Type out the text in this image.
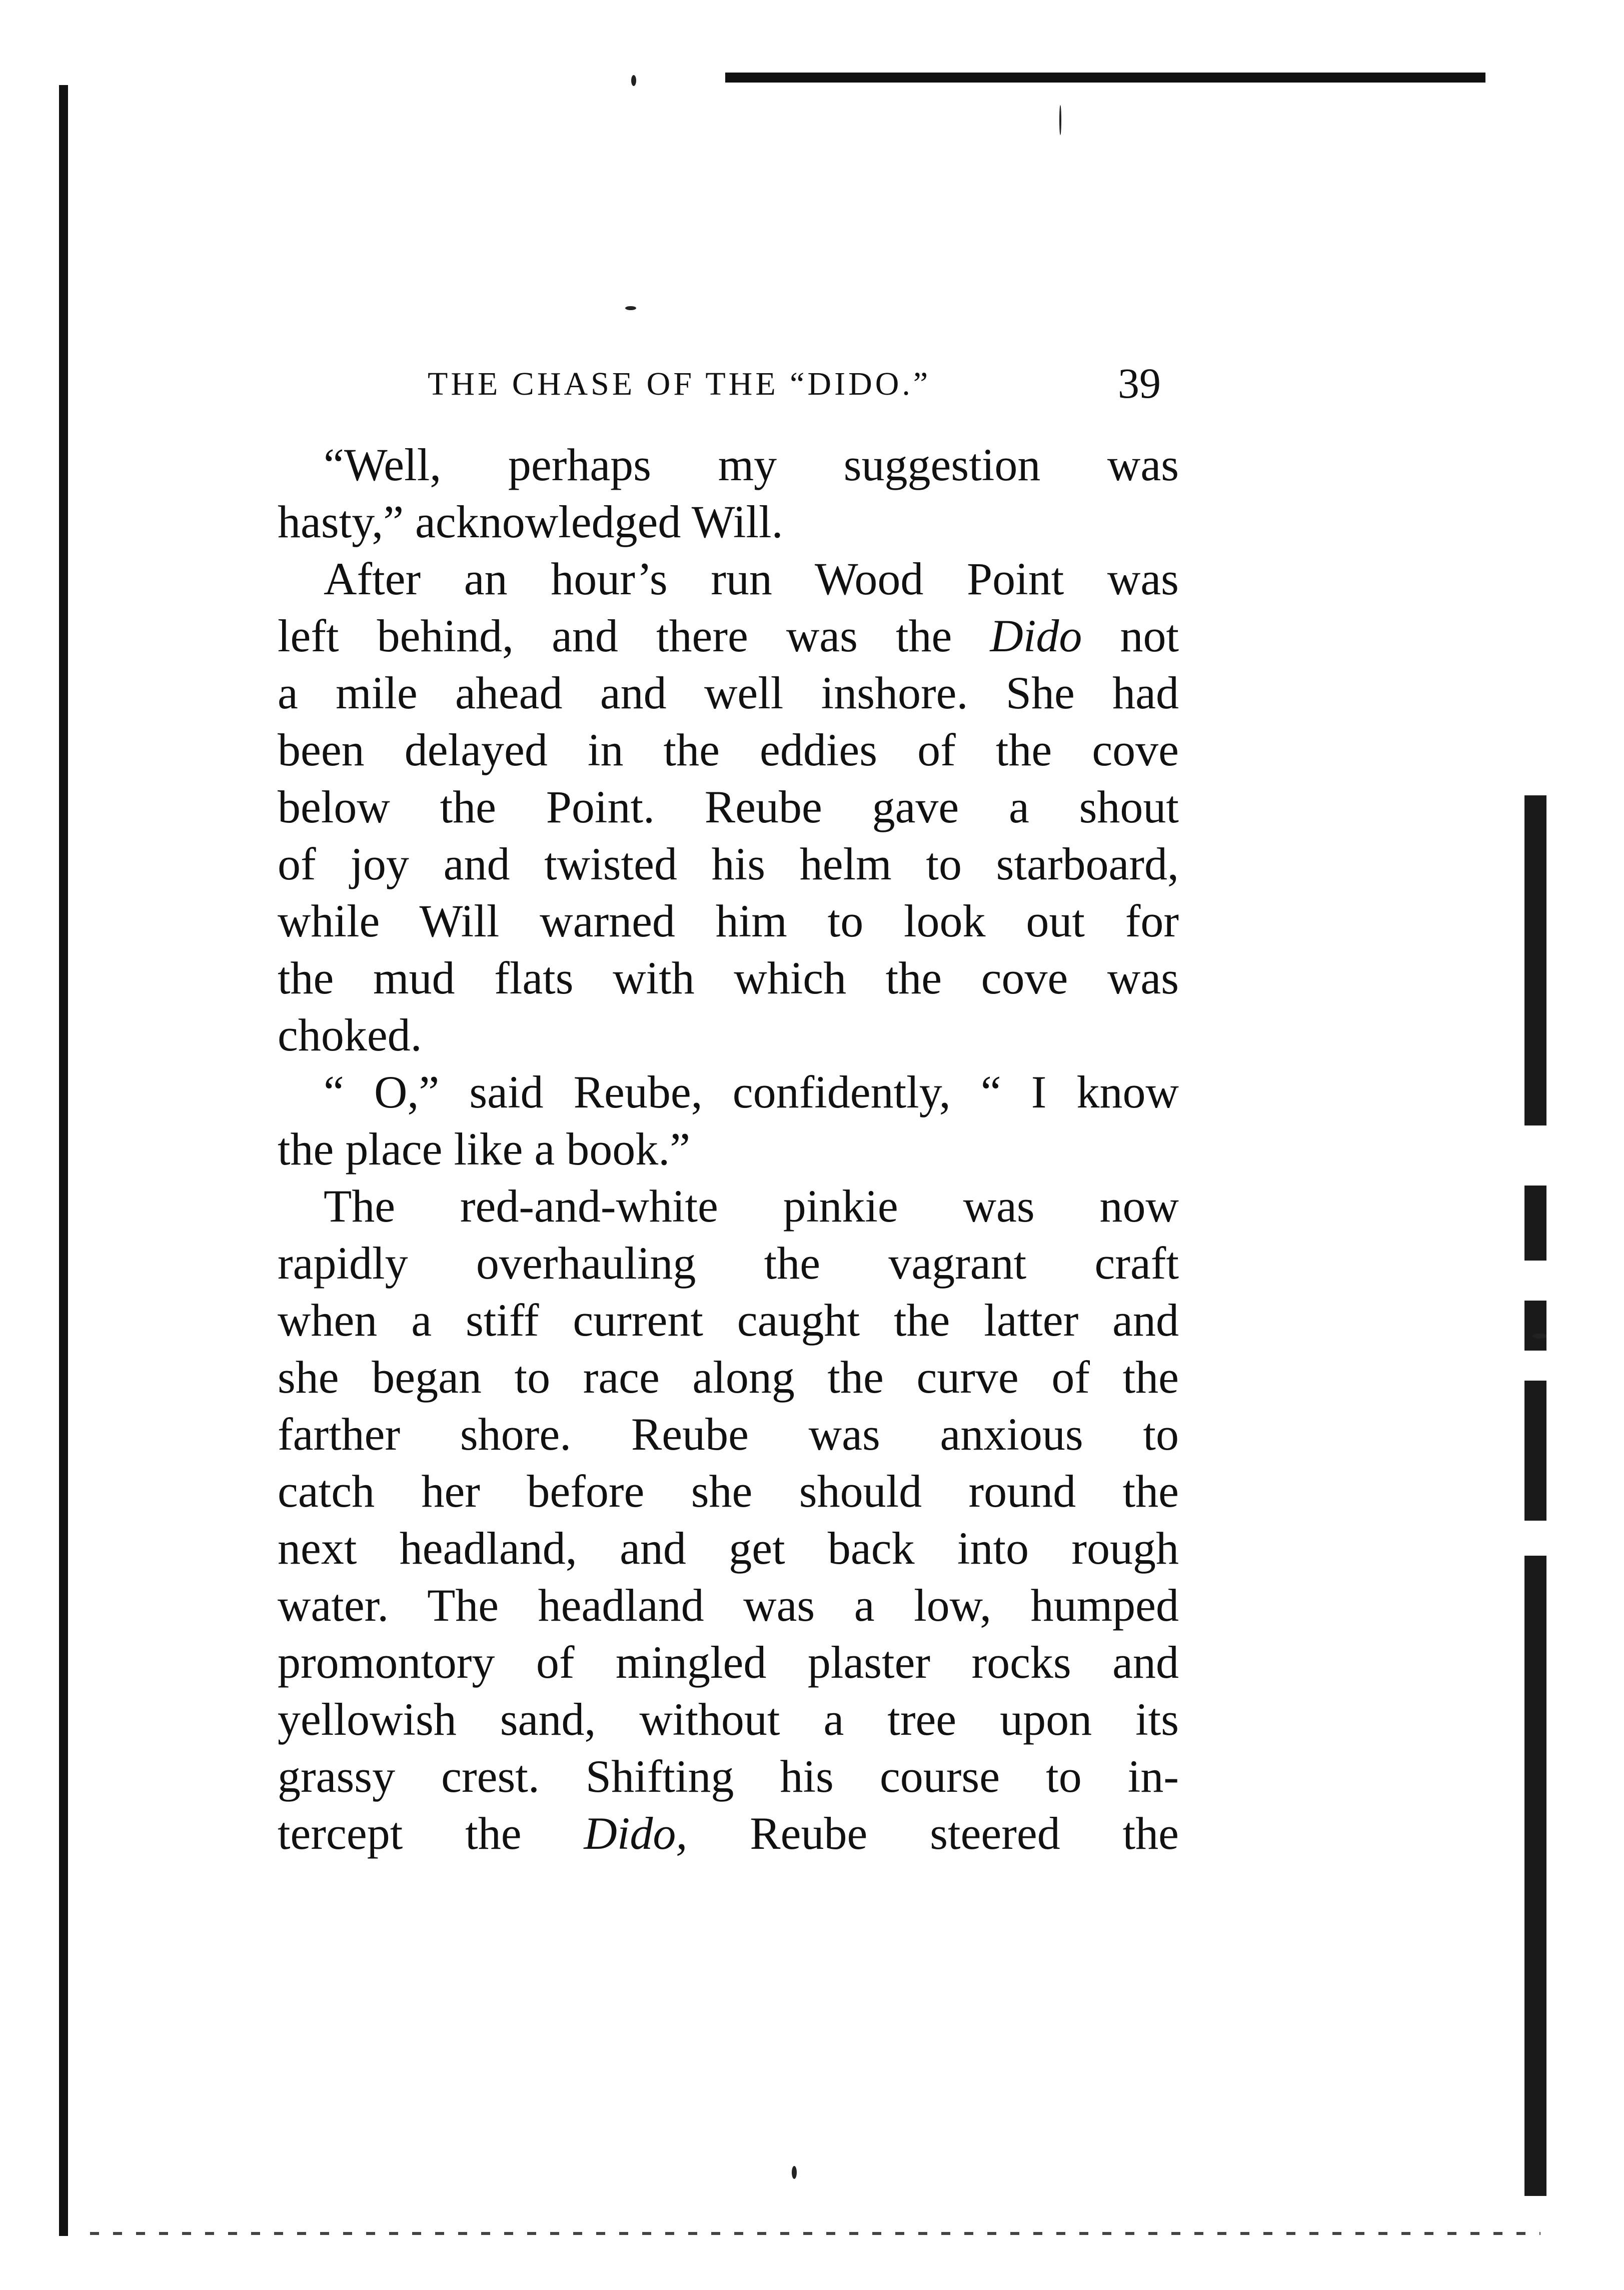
THE CHASE OF THE “DIDO.”	39
“Well, perhaps my suggestion was
hasty,” acknowledged Will.
After an hour’s run Wood Point was
left behind, and there was the Dido not
a mile ahead and well inshore. She had
been delayed in the eddies of the cove
below the Point. Reube gave a shout
of joy and twisted his helm to starboard,
while Will warned him to look out for
the mud flats with which the cove was
choked.
“ O,” said Reube, confidently, “ I know
the place like a book.”
The red-and-white pinkie was now
rapidly overhauling the vagrant craft
when a stiff current caught the latter and
she began to race along the curve of the
farther shore. Reube was anxious to
catch her before she should round the
next headland, and get back into rough
water. The headland was a low, humped
promontory of mingled plaster rocks and
yellowish sand, without a tree upon its
grassy crest. Shifting his course to in-
tercept the Dido, Reube steered the
